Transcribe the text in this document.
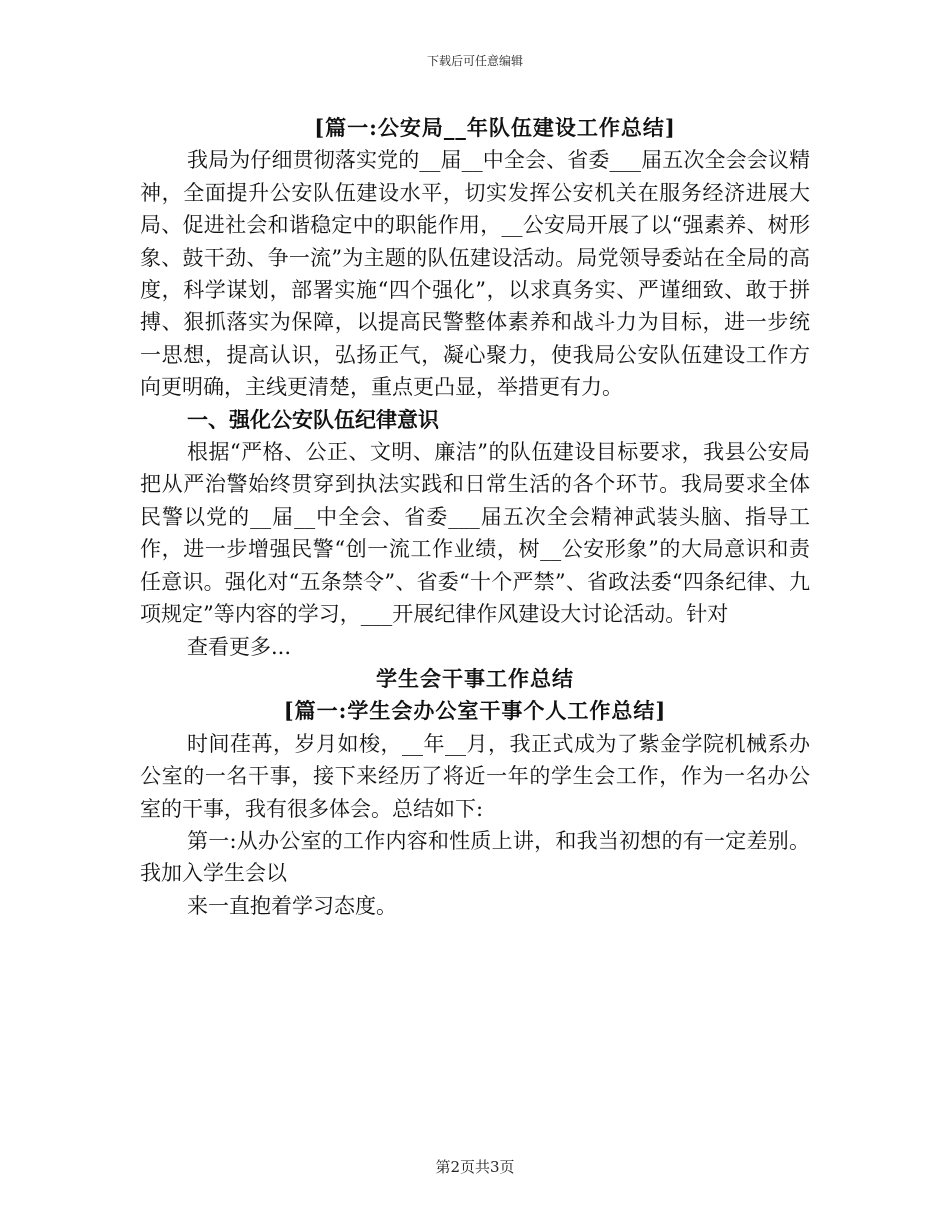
下载后可任意编辑
[篇一:公安局__年队伍建设工作总结]

我局为仔细贯彻落实党的__届__中全会、省委___届五次全会会议精神，全面提升公安队伍建设水平，切实发挥公安机关在服务经济进展大局、促进社会和谐稳定中的职能作用，__公安局开展了以“强素养、树形象、鼓干劲、争一流”为主题的队伍建设活动。局党领导委站在全局的高度，科学谋划，部署实施“四个强化”，以求真务实、严谨细致、敢于拼搏、狠抓落实为保障，以提高民警整体素养和战斗力为目标，进一步统一思想，提高认识，弘扬正气，凝心聚力，使我局公安队伍建设工作方向更明确，主线更清楚，重点更凸显，举措更有力。

一、强化公安队伍纪律意识

根据“严格、公正、文明、廉洁”的队伍建设目标要求，我县公安局把从严治警始终贯穿到执法实践和日常生活的各个环节。我局要求全体民警以党的__届__中全会、省委___届五次全会精神武装头脑、指导工作，进一步增强民警“创一流工作业绩，树__公安形象”的大局意识和责任意识。强化对“五条禁令”、省委“十个严禁”、省政法委“四条纪律、九项规定”等内容的学习，___开展纪律作风建设大讨论活动。针对

查看更多...

学生会干事工作总结
[篇一:学生会办公室干事个人工作总结]

时间荏苒，岁月如梭，__年__月，我正式成为了紫金学院机械系办公室的一名干事，接下来经历了将近一年的学生会工作，作为一名办公室的干事，我有很多体会。总结如下:

第一:从办公室的工作内容和性质上讲，和我当初想的有一定差别。我加入学生会以

来一直抱着学习态度。

第2页共3页
